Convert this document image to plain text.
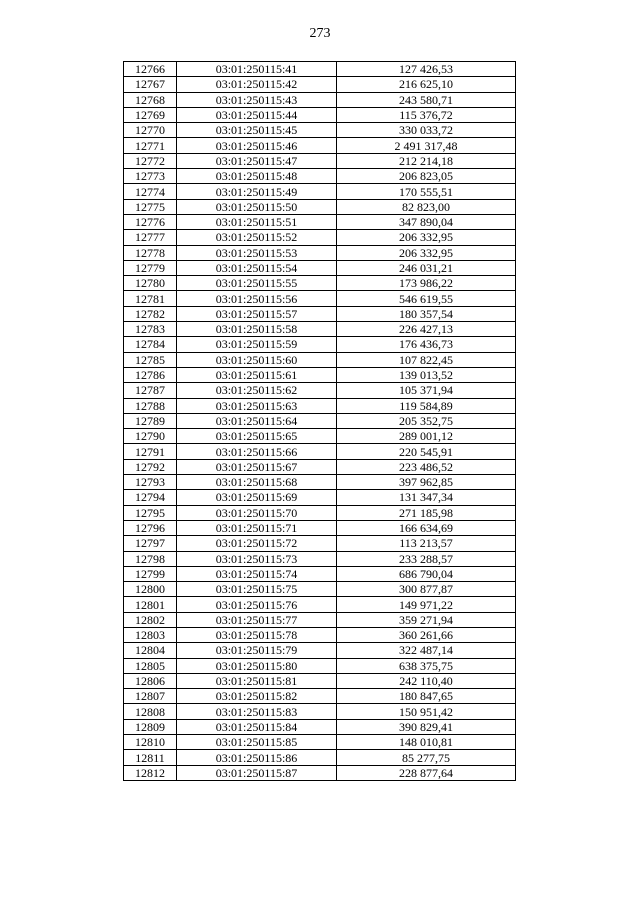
273
12766	03:01:250115:41	127 426,53
12767	03:01:250115:42	216 625,10
12768	03:01:250115:43	243 580,71
12769	03:01:250115:44	115 376,72
12770	03:01:250115:45	330 033,72
12771	03:01:250115:46	2 491 317,48
12772	03:01:250115:47	212 214,18
12773	03:01:250115:48	206 823,05
12774	03:01:250115:49	170 555,51
12775	03:01:250115:50	82 823,00
12776	03:01:250115:51	347 890,04
12777	03:01:250115:52	206 332,95
12778	03:01:250115:53	206 332,95
12779	03:01:250115:54	246 031,21
12780	03:01:250115:55	173 986,22
12781	03:01:250115:56	546 619,55
12782	03:01:250115:57	180 357,54
12783	03:01:250115:58	226 427,13
12784	03:01:250115:59	176 436,73
12785	03:01:250115:60	107 822,45
12786	03:01:250115:61	139 013,52
12787	03:01:250115:62	105 371,94
12788	03:01:250115:63	119 584,89
12789	03:01:250115:64	205 352,75
12790	03:01:250115:65	289 001,12
12791	03:01:250115:66	220 545,91
12792	03:01:250115:67	223 486,52
12793	03:01:250115:68	397 962,85
12794	03:01:250115:69	131 347,34
12795	03:01:250115:70	271 185,98
12796	03:01:250115:71	166 634,69
12797	03:01:250115:72	113 213,57
12798	03:01:250115:73	233 288,57
12799	03:01:250115:74	686 790,04
12800	03:01:250115:75	300 877,87
12801	03:01:250115:76	149 971,22
12802	03:01:250115:77	359 271,94
12803	03:01:250115:78	360 261,66
12804	03:01:250115:79	322 487,14
12805	03:01:250115:80	638 375,75
12806	03:01:250115:81	242 110,40
12807	03:01:250115:82	180 847,65
12808	03:01:250115:83	150 951,42
12809	03:01:250115:84	390 829,41
12810	03:01:250115:85	148 010,81
12811	03:01:250115:86	85 277,75
12812	03:01:250115:87	228 877,64
